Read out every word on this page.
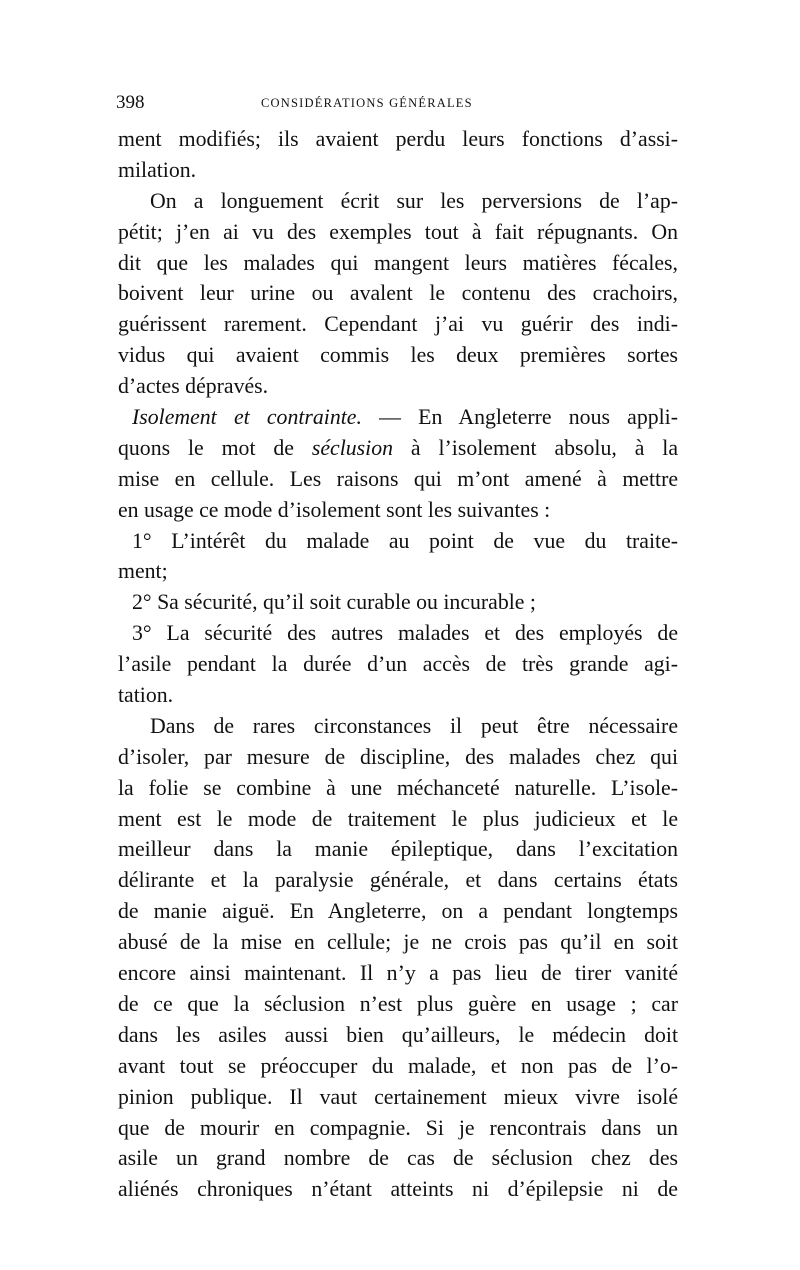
398	CONSIDÉRATIONS GÉNÉRALES
ment modifiés; ils avaient perdu leurs fonctions d’assi-
milation.
On a longuement écrit sur les perversions de l’ap-
pétit; j’en ai vu des exemples tout à fait répugnants. On
dit que les malades qui mangent leurs matières fécales,
boivent leur urine ou avalent le contenu des crachoirs,
guérissent rarement. Cependant j’ai vu guérir des indi-
vidus qui avaient commis les deux premières sortes
d’actes dépravés.
Isolement et contrainte. — En Angleterre nous appli-
quons le mot de séclusion à l’isolement absolu, à la
mise en cellule. Les raisons qui m’ont amené à mettre
en usage ce mode d’isolement sont les suivantes :
1° L’intérêt du malade au point de vue du traite-
ment;
2° Sa sécurité, qu’il soit curable ou incurable ;
3° La sécurité des autres malades et des employés de
l’asile pendant la durée d’un accès de très grande agi-
tation.
Dans de rares circonstances il peut être nécessaire
d’isoler, par mesure de discipline, des malades chez qui
la folie se combine à une méchanceté naturelle. L’isole-
ment est le mode de traitement le plus judicieux et le
meilleur dans la manie épileptique, dans l’excitation
délirante et la paralysie générale, et dans certains états
de manie aiguë. En Angleterre, on a pendant longtemps
abusé de la mise en cellule; je ne crois pas qu’il en soit
encore ainsi maintenant. Il n’y a pas lieu de tirer vanité
de ce que la séclusion n’est plus guère en usage ; car
dans les asiles aussi bien qu’ailleurs, le médecin doit
avant tout se préoccuper du malade, et non pas de l’o-
pinion publique. Il vaut certainement mieux vivre isolé
que de mourir en compagnie. Si je rencontrais dans un
asile un grand nombre de cas de séclusion chez des
aliénés chroniques n’étant atteints ni d’épilepsie ni de
